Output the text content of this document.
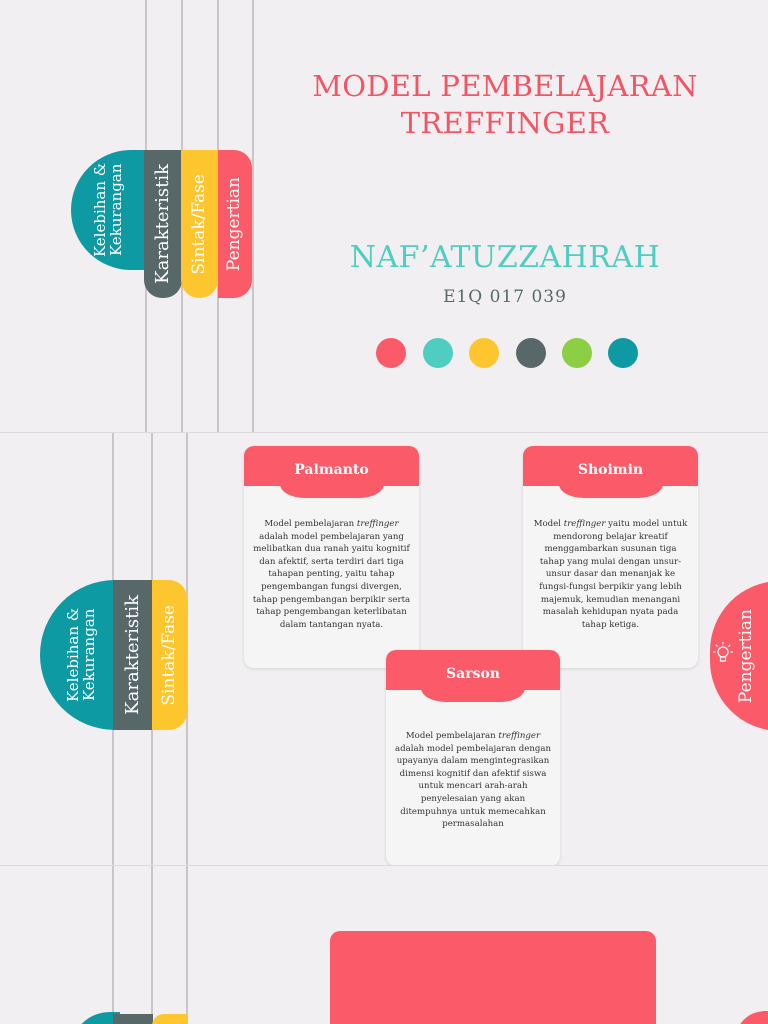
Kelebihan & Kekurangan	Karakteristik Sintak/Fase Pengertian
MODEL PEMBELAJARAN
TREFFINGER
NAF’ATUZZAHRAH
E1Q 017 039
Kelebihan & Kekurangan	Karakteristik Sintak/Fase	Pengertian
Palmanto
Model pembelajaran treffinger adalah model pembelajaran yang melibatkan dua ranah yaitu kognitif dan afektif, serta terdiri dari tiga tahapan penting, yaitu tahap pengembangan fungsi divergen, tahap pengembangan berpikir serta tahap pengembangan keterlibatan dalam tantangan nyata.
Shoimin
Model treffinger yaitu model untuk mendorong belajar kreatif menggambarkan susunan tiga tahap yang mulai dengan unsur-unsur dasar dan menanjak ke fungsi-fungsi berpikir yang lebih majemuk, kemudian menangani masalah kehidupan nyata pada tahap ketiga.
Sarson
Model pembelajaran treffinger adalah model pembelajaran dengan upayanya dalam mengintegrasikan dimensi kognitif dan afektif siswa untuk mencari arah-arah penyelesaian yang akan ditempuhnya untuk memecahkan permasalahan
